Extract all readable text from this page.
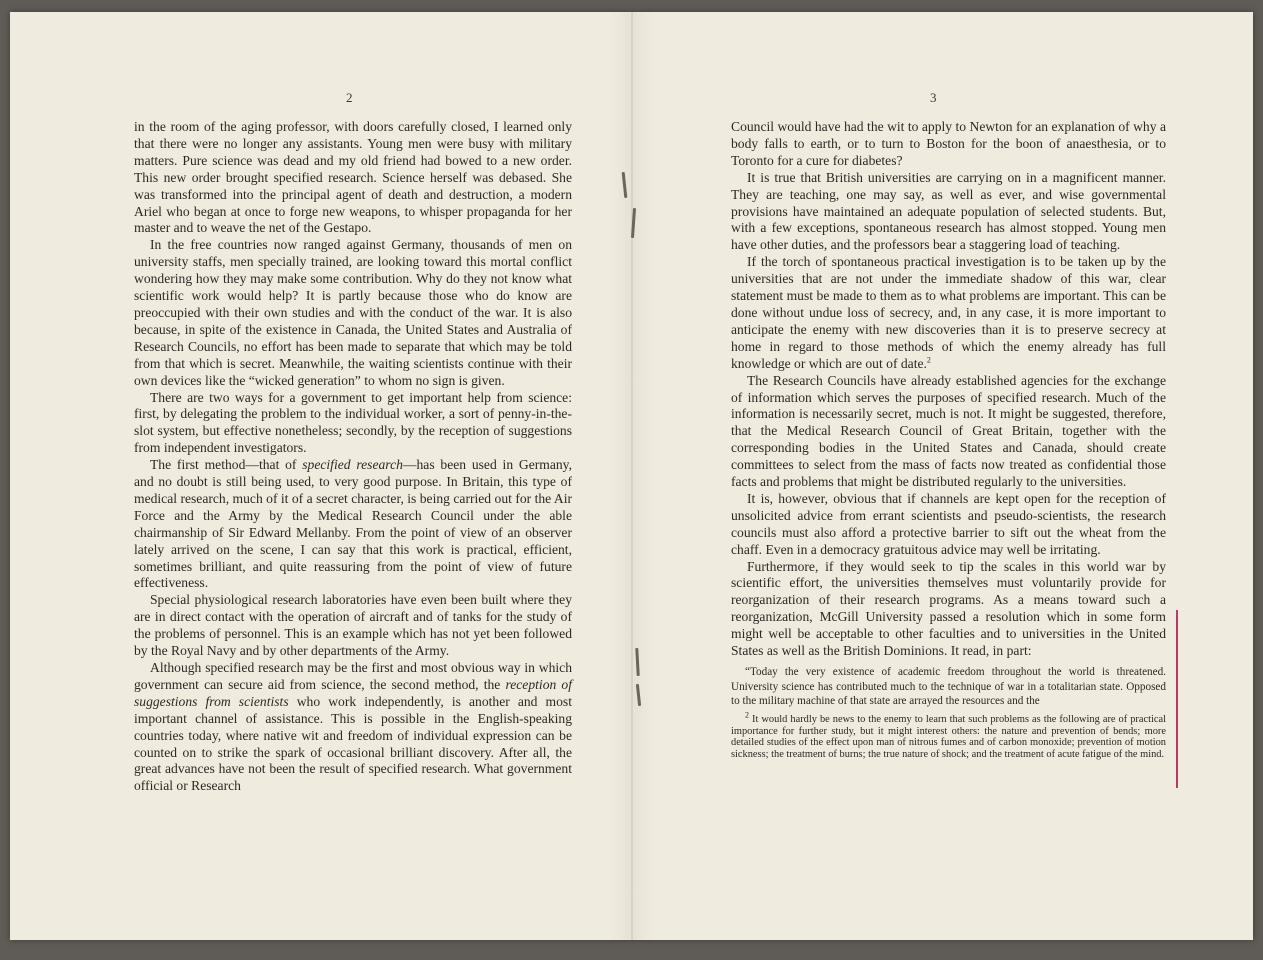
2

in the room of the aging professor, with doors carefully closed, I learned only that there were no longer any assistants. Young men were busy with military matters. Pure science was dead and my old friend had bowed to a new order. This new order brought specified research. Science herself was debased. She was transformed into the principal agent of death and destruction, a modern Ariel who began at once to forge new weapons, to whisper propaganda for her master and to weave the net of the Gestapo.

In the free countries now ranged against Germany, thousands of men on university staffs, men specially trained, are looking toward this mortal conflict wondering how they may make some contribution. Why do they not know what scientific work would help? It is partly because those who do know are preoccupied with their own studies and with the conduct of the war. It is also because, in spite of the existence in Canada, the United States and Australia of Research Councils, no effort has been made to separate that which may be told from that which is secret. Meanwhile, the waiting scientists continue with their own devices like the “wicked generation” to whom no sign is given.

There are two ways for a government to get important help from science: first, by delegating the problem to the individual worker, a sort of penny-in-the-slot system, but effective nonetheless; secondly, by the reception of suggestions from independent investigators.

The first method—that of specified research—has been used in Germany, and no doubt is still being used, to very good purpose. In Britain, this type of medical research, much of it of a secret character, is being carried out for the Air Force and the Army by the Medical Research Council under the able chairmanship of Sir Edward Mellanby. From the point of view of an observer lately arrived on the scene, I can say that this work is practical, efficient, sometimes brilliant, and quite reassuring from the point of view of future effectiveness.

Special physiological research laboratories have even been built where they are in direct contact with the operation of aircraft and of tanks for the study of the problems of personnel. This is an example which has not yet been followed by the Royal Navy and by other departments of the Army.

Although specified research may be the first and most obvious way in which government can secure aid from science, the second method, the reception of suggestions from scientists who work independently, is another and most important channel of assistance. This is possible in the English-speaking countries today, where native wit and freedom of individual expression can be counted on to strike the spark of occasional brilliant discovery. After all, the great advances have not been the result of specified research. What government official or Research

3

Council would have had the wit to apply to Newton for an explanation of why a body falls to earth, or to turn to Boston for the boon of anaesthesia, or to Toronto for a cure for diabetes?

It is true that British universities are carrying on in a magnificent manner. They are teaching, one may say, as well as ever, and wise governmental provisions have maintained an adequate population of selected students. But, with a few exceptions, spontaneous research has almost stopped. Young men have other duties, and the professors bear a staggering load of teaching.

If the torch of spontaneous practical investigation is to be taken up by the universities that are not under the immediate shadow of this war, clear statement must be made to them as to what problems are important. This can be done without undue loss of secrecy, and, in any case, it is more important to anticipate the enemy with new discoveries than it is to preserve secrecy at home in regard to those methods of which the enemy already has full knowledge or which are out of date.$^2$

The Research Councils have already established agencies for the exchange of information which serves the purposes of specified research. Much of the information is necessarily secret, much is not. It might be suggested, therefore, that the Medical Research Council of Great Britain, together with the corresponding bodies in the United States and Canada, should create committees to select from the mass of facts now treated as confidential those facts and problems that might be distributed regularly to the universities.

It is, however, obvious that if channels are kept open for the reception of unsolicited advice from errant scientists and pseudo-scientists, the research councils must also afford a protective barrier to sift out the wheat from the chaff. Even in a democracy gratuitous advice may well be irritating.

Furthermore, if they would seek to tip the scales in this world war by scientific effort, the universities themselves must voluntarily provide for reorganization of their research programs. As a means toward such a reorganization, McGill University passed a resolution which in some form might well be acceptable to other faculties and to universities in the United States as well as the British Dominions. It read, in part:

“Today the very existence of academic freedom throughout the world is threatened. University science has contributed much to the technique of war in a totalitarian state. Opposed to the military machine of that state are arrayed the resources and the

$^2$ It would hardly be news to the enemy to learn that such problems as the following are of practical importance for further study, but it might interest others: the nature and prevention of bends; more detailed studies of the effect upon man of nitrous fumes and of carbon monoxide; prevention of motion sickness; the treatment of burns; the true nature of shock; and the treatment of acute fatigue of the mind.
